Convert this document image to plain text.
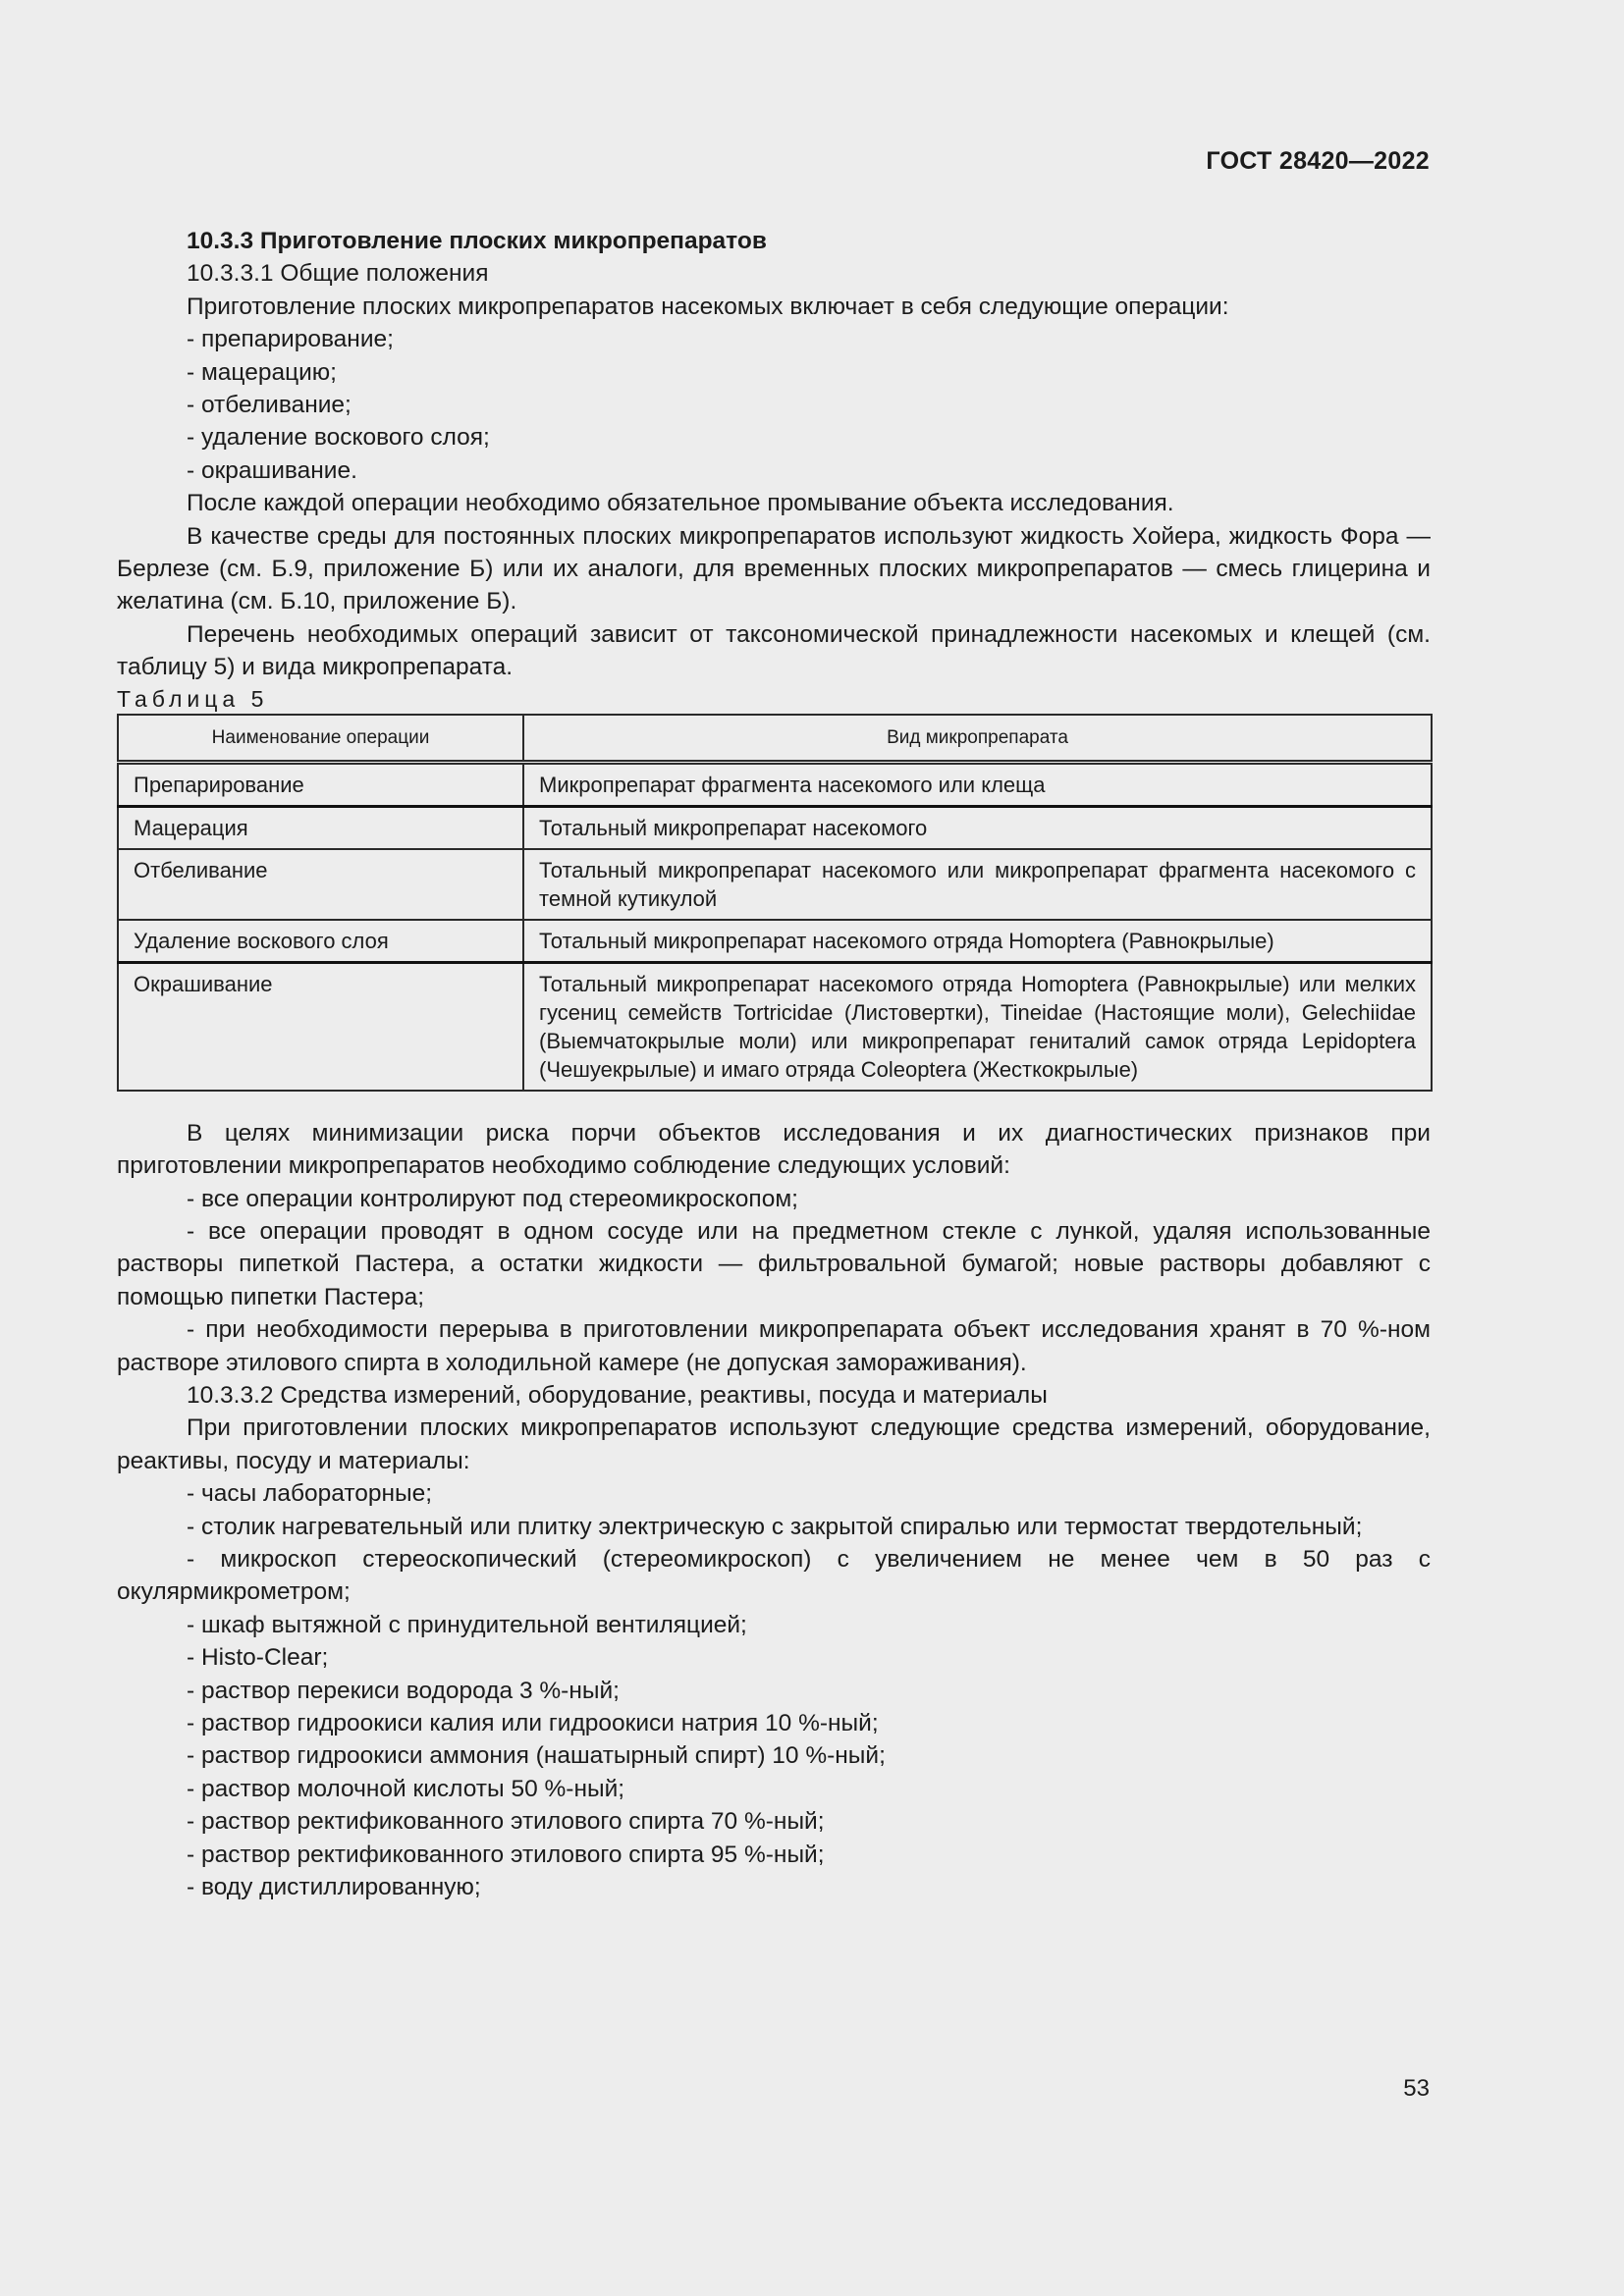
ГОСТ 28420—2022

10.3.3 Приготовление плоских микропрепаратов

10.3.3.1 Общие положения

Приготовление плоских микропрепаратов насекомых включает в себя следующие операции:

- препарирование;

- мацерацию;

- отбеливание;

- удаление воскового слоя;

- окрашивание.

После каждой операции необходимо обязательное промывание объекта исследования.

В качестве среды для постоянных плоских микропрепаратов используют жидкость Хойера, жидкость Фора — Берлезе (см. Б.9, приложение Б) или их аналоги, для временных плоских микропрепаратов — смесь глицерина и желатина (см. Б.10, приложение Б).

Перечень необходимых операций зависит от таксономической принадлежности насекомых и клещей (см. таблицу 5) и вида микропрепарата.

Таблица 5

Наименование операции	Вид микропрепарата
Препарирование	Микропрепарат фрагмента насекомого или клеща
Мацерация	Тотальный микропрепарат насекомого
Отбеливание	Тотальный микропрепарат насекомого или микропрепарат фрагмента насекомого с темной кутикулой
Удаление воскового слоя	Тотальный микропрепарат насекомого отряда Homoptera (Равнокрылые)
Окрашивание	Тотальный микропрепарат насекомого отряда Homoptera (Равнокрылые) или мелких гусениц семейств Tortricidae (Листовертки), Tineidae (Настоящие моли), Gelechiidae (Выемчатокрылые моли) или микропрепарат гениталий самок отряда Lepidoptera (Чешуекрылые) и имаго отряда Coleoptera (Жесткокрылые)

В целях минимизации риска порчи объектов исследования и их диагностических признаков при приготовлении микропрепаратов необходимо соблюдение следующих условий:

- все операции контролируют под стереомикроскопом;

- все операции проводят в одном сосуде или на предметном стекле с лункой, удаляя использованные растворы пипеткой Пастера, а остатки жидкости — фильтровальной бумагой; новые растворы добавляют с помощью пипетки Пастера;

- при необходимости перерыва в приготовлении микропрепарата объект исследования хранят в 70 %-ном растворе этилового спирта в холодильной камере (не допуская замораживания).

10.3.3.2 Средства измерений, оборудование, реактивы, посуда и материалы

При приготовлении плоских микропрепаратов используют следующие средства измерений, оборудование, реактивы, посуду и материалы:

- часы лабораторные;

- столик нагревательный или плитку электрическую с закрытой спиралью или термостат твердотельный;

- микроскоп стереоскопический (стереомикроскоп) с увеличением не менее чем в 50 раз с окулярмикрометром;

- шкаф вытяжной с принудительной вентиляцией;

- Histo-Clear;

- раствор перекиси водорода 3 %-ный;

- раствор гидроокиси калия или гидроокиси натрия 10 %-ный;

- раствор гидроокиси аммония (нашатырный спирт) 10 %-ный;

- раствор молочной кислоты 50 %-ный;

- раствор ректификованного этилового спирта 70 %-ный;

- раствор ректификованного этилового спирта 95 %-ный;

- воду дистиллированную;

53
